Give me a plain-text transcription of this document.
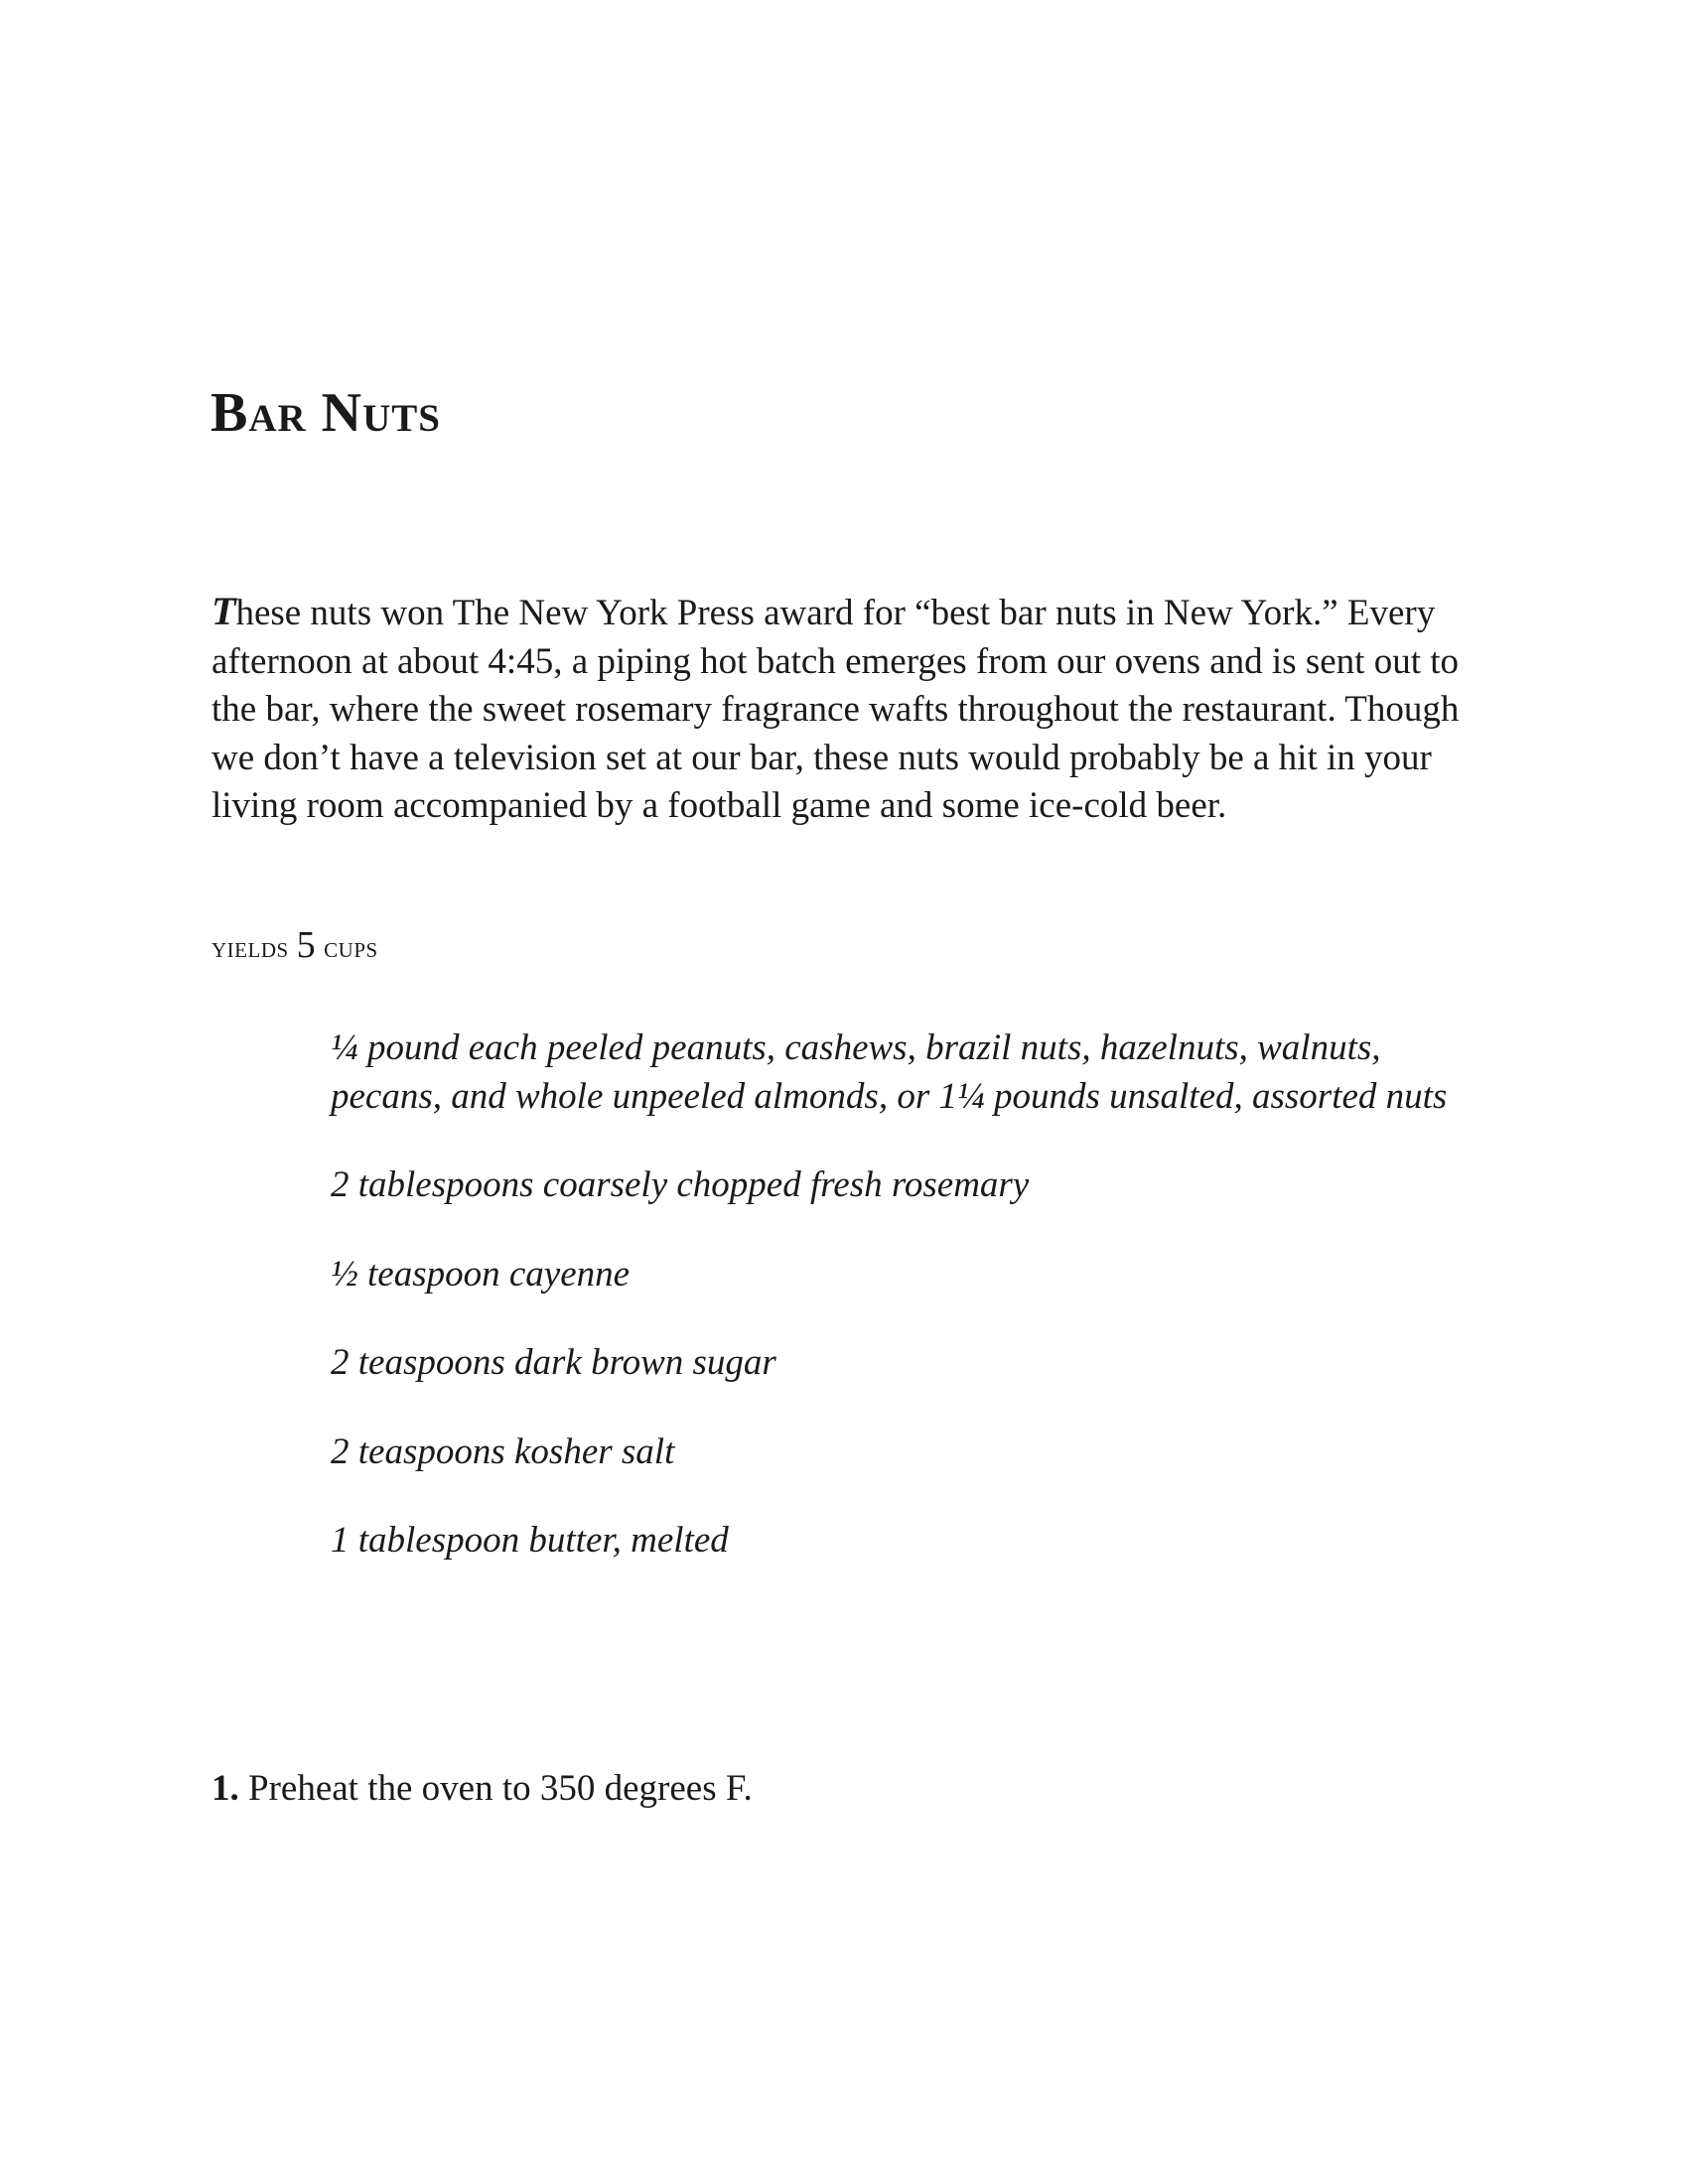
Bar Nuts

These nuts won The New York Press award for “best bar nuts in New York.” Every afternoon at about 4:45, a piping hot batch emerges from our ovens and is sent out to the bar, where the sweet rosemary fragrance wafts throughout the restaurant. Though we don’t have a television set at our bar, these nuts would probably be a hit in your living room accompanied by a football game and some ice-cold beer.

yields 5 cups

¼ pound each peeled peanuts, cashews, brazil nuts, hazelnuts, walnuts, pecans, and whole unpeeled almonds, or 1¼ pounds unsalted, assorted nuts
2 tablespoons coarsely chopped fresh rosemary
½ teaspoon cayenne
2 teaspoons dark brown sugar
2 teaspoons kosher salt
1 tablespoon butter, melted

1. Preheat the oven to 350 degrees F.
